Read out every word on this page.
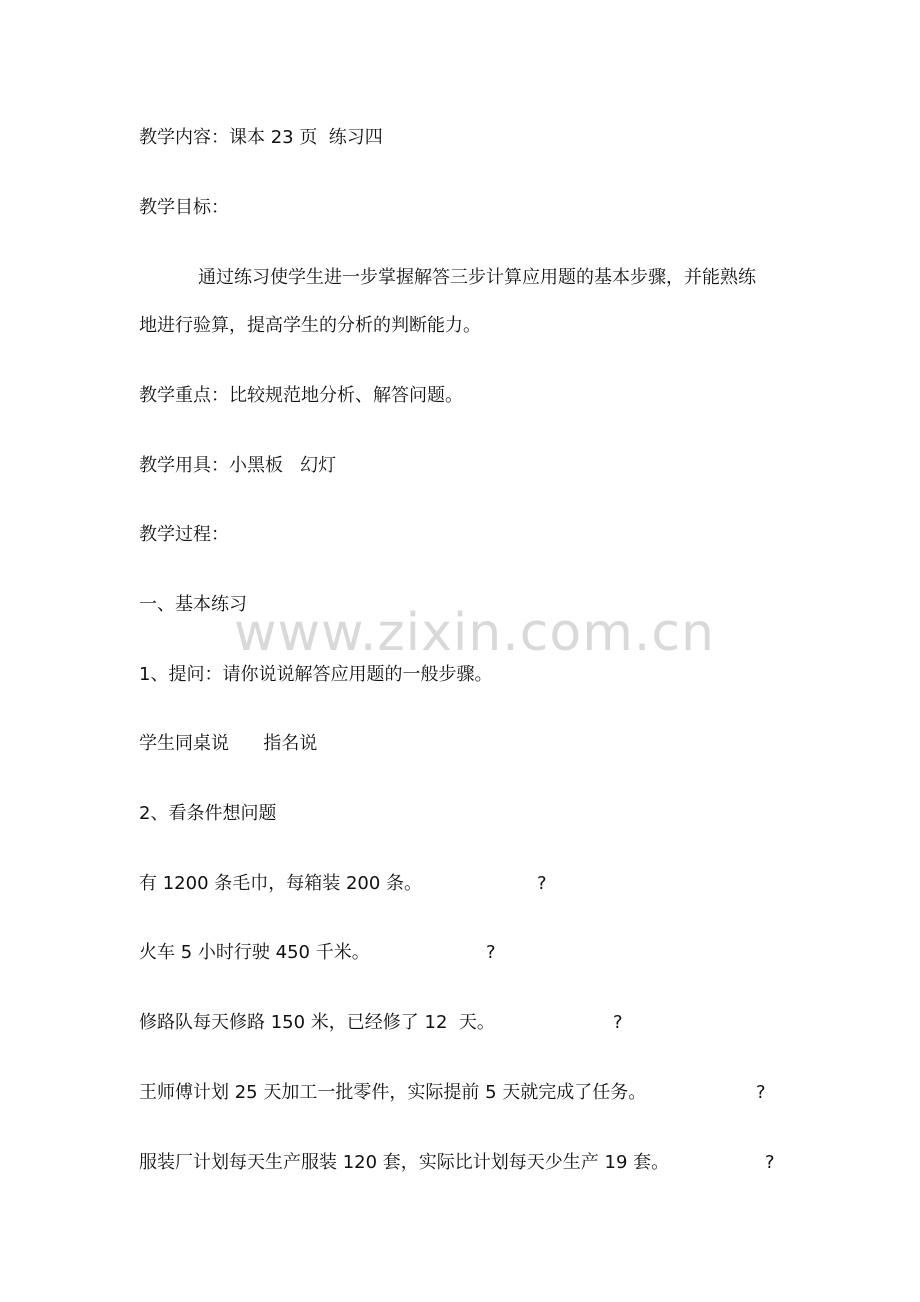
教学内容：课本 23 页  练习四

教学目标：

通过练习使学生进一步掌握解答三步计算应用题的基本步骤，并能熟练

地进行验算，提高学生的分析的判断能力。

教学重点：比较规范地分析、解答问题。

教学用具：小黑板   幻灯

教学过程：

一、基本练习

1、提问：请你说说解答应用题的一般步骤。

学生同桌说      指名说

2、看条件想问题

有 1200 条毛巾，每箱装 200 条。	?

火车 5 小时行驶 450 千米。	?

修路队每天修路 150 米，已经修了 12  天。	?

王师傅计划 25 天加工一批零件，实际提前 5 天就完成了任务。	?

服装厂计划每天生产服装 120 套，实际比计划每天少生产 19 套。	?

www.zixin.com.cn
